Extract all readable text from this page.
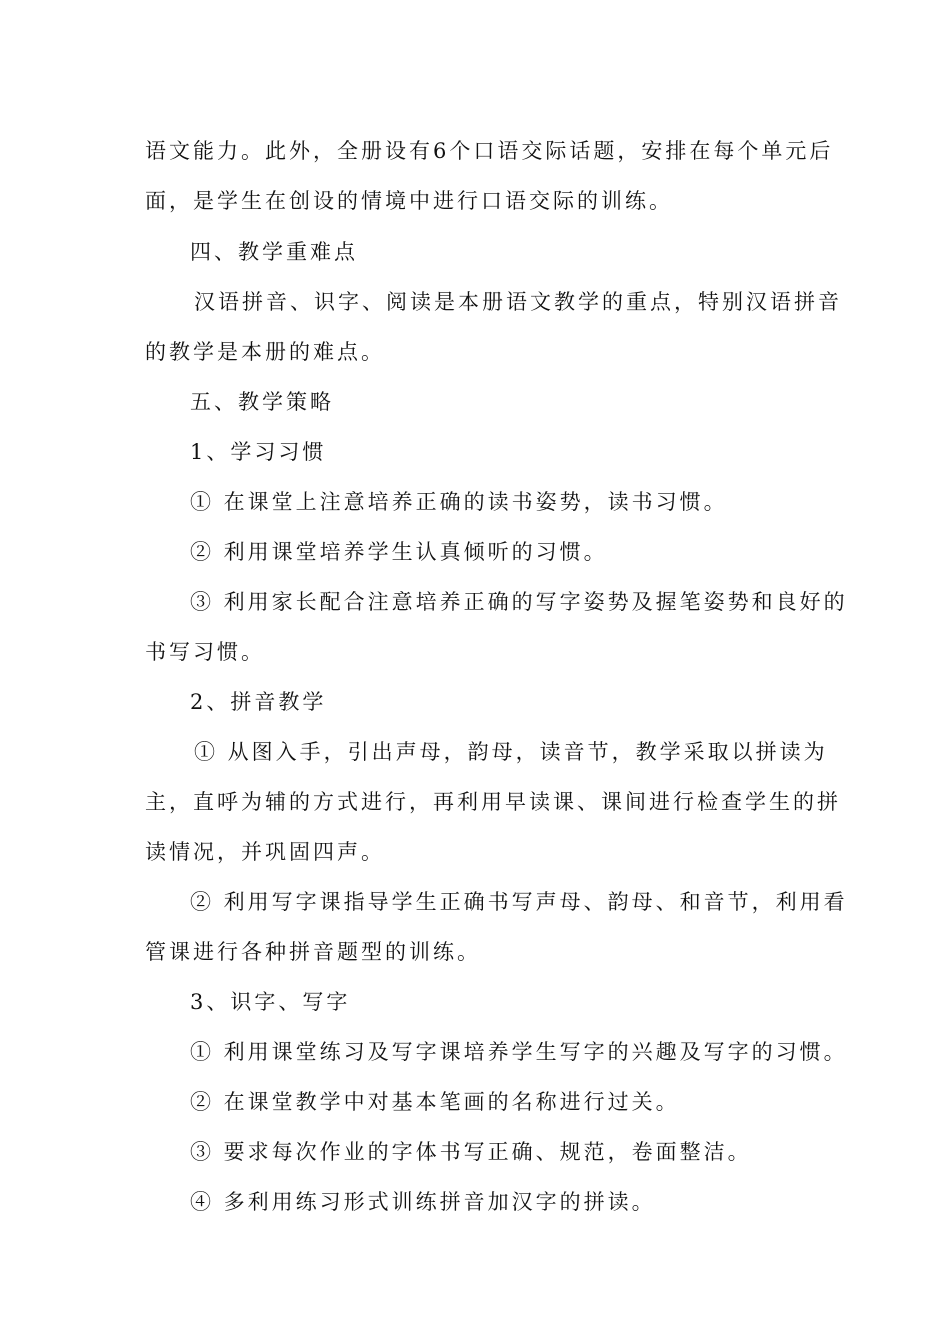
语文能力。此外，全册设有6个口语交际话题，安排在每个单元后
面，是学生在创设的情境中进行口语交际的训练。
四、教学重难点
汉语拼音、识字、阅读是本册语文教学的重点，特别汉语拼音
的教学是本册的难点。
五、教学策略
1、学习习惯
① 在课堂上注意培养正确的读书姿势，读书习惯。
② 利用课堂培养学生认真倾听的习惯。
③ 利用家长配合注意培养正确的写字姿势及握笔姿势和良好的
书写习惯。
2、拼音教学
① 从图入手，引出声母，韵母，读音节，教学采取以拼读为
主，直呼为辅的方式进行，再利用早读课、课间进行检查学生的拼
读情况，并巩固四声。
② 利用写字课指导学生正确书写声母、韵母、和音节，利用看
管课进行各种拼音题型的训练。
3、识字、写字
① 利用课堂练习及写字课培养学生写字的兴趣及写字的习惯。
② 在课堂教学中对基本笔画的名称进行过关。
③ 要求每次作业的字体书写正确、规范，卷面整洁。
④ 多利用练习形式训练拼音加汉字的拼读。
